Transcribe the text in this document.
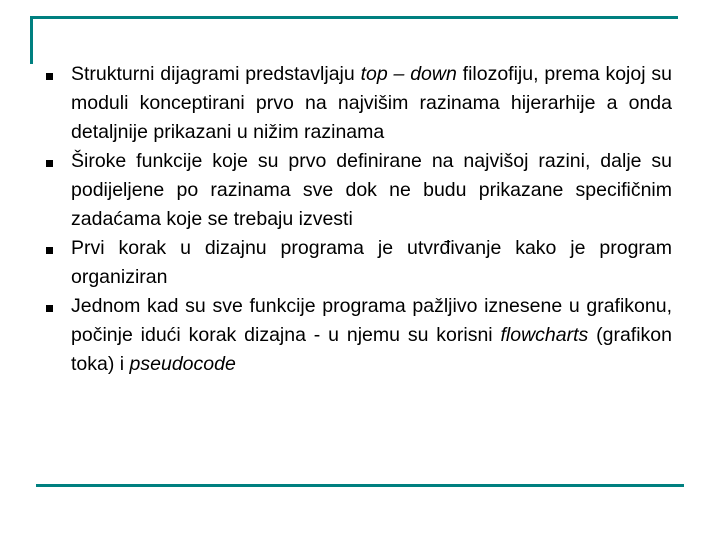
Strukturni dijagrami predstavljaju top – down filozofiju, prema kojoj su moduli konceptirani prvo na najvišim razinama hijerarhije a onda detaljnije prikazani u nižim razinama

Široke funkcije koje su prvo definirane na najvišoj razini, dalje su podijeljene po razinama sve dok ne budu prikazane specifičnim zadaćama koje se trebaju izvesti

Prvi korak u dizajnu programa je utvrđivanje kako je program organiziran

Jednom kad su sve funkcije programa pažljivo iznesene u grafikonu, počinje idući korak dizajna - u njemu su korisni flowcharts (grafikon toka) i pseudocode
